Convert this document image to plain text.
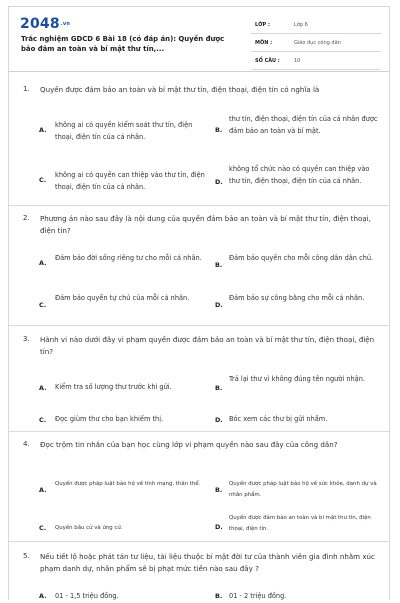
$2048^{.vn}$
Trắc nghiệm GDCD 6 Bài 18 (có đáp án): Quyền được bảo đảm an toàn và bí mật thư tín,...
LỚP :	Lớp 6
MÔN :	Giáo dục công dân
SỐ CÂU :	10
1. Quyền được đảm bảo an toàn và bí mật thư tín, điện thoại, điện tín có nghĩa là
A.
không ai có quyền kiểm soát thư tín, điện thoại, điện tín của cá nhân.
B.
thư tín, điện thoại, điện tín của cá nhân được đảm bảo an toàn và bí mật.
C.
không ai có quyền can thiệp vào thư tín, điện thoại, điện tín của cá nhân.
D.
không tổ chức nào có quyền can thiệp vào thư tín, điện thoại, điện tín của cá nhân.
2. Phương án nào sau đây là nội dung của quyền đảm bảo an toàn và bí mật thư tín, điện thoại, điện tín?
A.
Đảm bảo đời sống riêng tư cho mỗi cá nhân.
B.
Đảm bảo quyền cho mỗi công dân dân chủ.
C.
Đảm bảo quyền tự chủ của mỗi cá nhân.
D.
Đảm bảo sự công bằng cho mỗi cá nhân.
3. Hành vi nào dưới đây vi phạm quyền được đảm bảo an toàn và bí mật thư tín, điện thoại, điện tín?
A. Kiểm tra số lượng thư trước khi gửi.	B.
Trả lại thư vì không đúng tên người nhận.
C. Đọc giùm thư cho bạn khiếm thị.	D. Bóc xem các thư bị gửi nhầm.
4. Đọc trộm tin nhắn của bạn học cùng lớp vi phạm quyền nào sau đây của công dân?
A.
Quyền được pháp luật bảo hộ về tính mạng, thân thể.
B.
Quyền được pháp luật bảo hộ về sức khỏe, danh dự và nhân phẩm.
C. Quyền bầu cử và ứng cử.	D.
Quyền được đảm bảo an toàn và bí mật thư tín, điện thoại, điện tín.
5. Nếu tiết lộ hoặc phát tán tư liệu, tài liệu thuộc bí mật đời tư của thành viên gia đình nhằm xúc phạm danh dự, nhân phẩm sẽ bị phạt mức tiền nào sau đây ?
A. 01 - 1,5 triệu đồng.	B. 01 - 2 triệu đồng.
